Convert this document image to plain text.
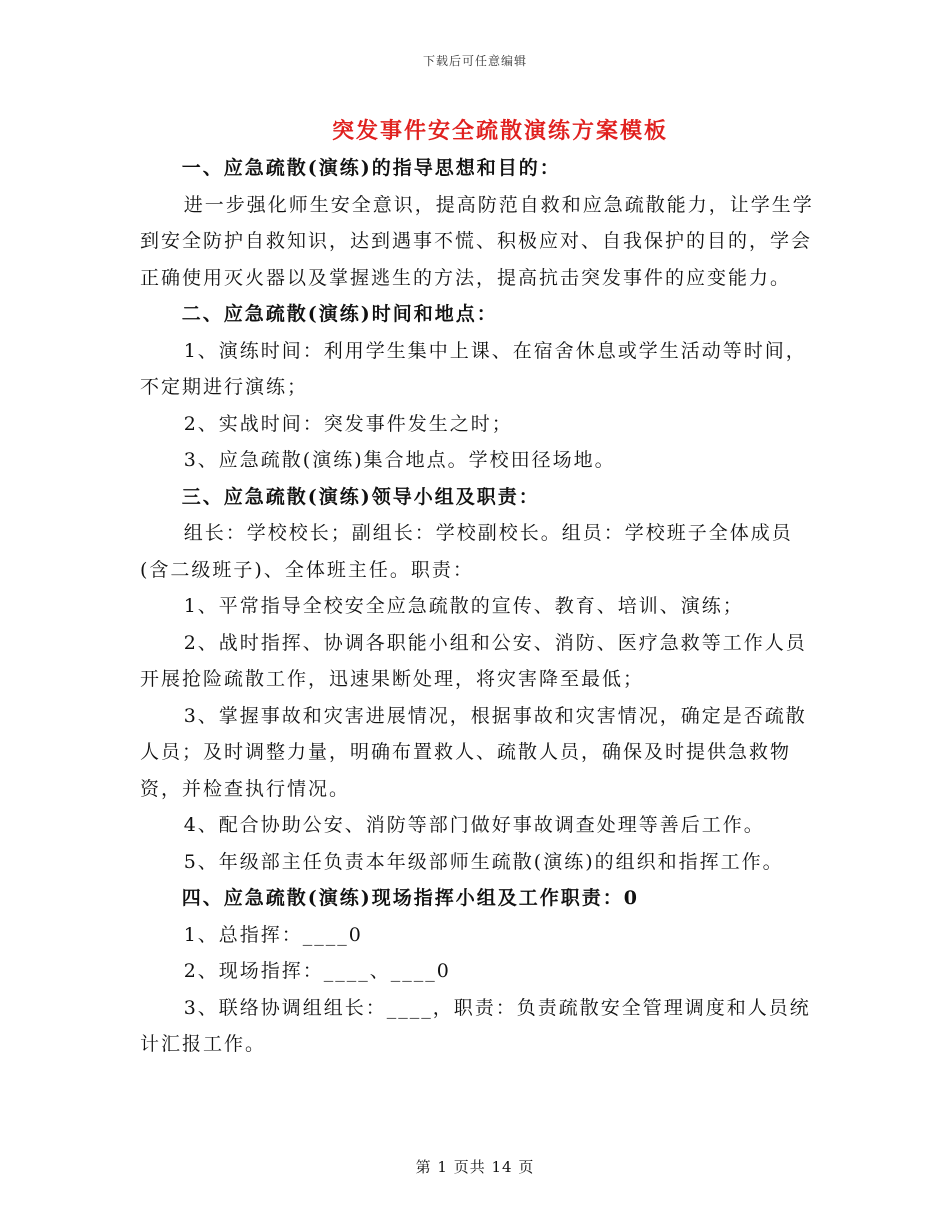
下载后可任意编辑
突发事件安全疏散演练方案模板

一、应急疏散(演练)的指导思想和目的：

进一步强化师生安全意识，提高防范自救和应急疏散能力，让学生学到安全防护自救知识，达到遇事不慌、积极应对、自我保护的目的，学会正确使用灭火器以及掌握逃生的方法，提高抗击突发事件的应变能力。

二、应急疏散(演练)时间和地点：

1、演练时间：利用学生集中上课、在宿舍休息或学生活动等时间，不定期进行演练；

2、实战时间：突发事件发生之时；

3、应急疏散(演练)集合地点。学校田径场地。

三、应急疏散(演练)领导小组及职责：

组长：学校校长；副组长：学校副校长。组员：学校班子全体成员(含二级班子)、全体班主任。职责：

1、平常指导全校安全应急疏散的宣传、教育、培训、演练；

2、战时指挥、协调各职能小组和公安、消防、医疗急救等工作人员开展抢险疏散工作，迅速果断处理，将灾害降至最低；

3、掌握事故和灾害进展情况，根据事故和灾害情况，确定是否疏散人员；及时调整力量，明确布置救人、疏散人员，确保及时提供急救物资，并检查执行情况。

4、配合协助公安、消防等部门做好事故调查处理等善后工作。

5、年级部主任负责本年级部师生疏散(演练)的组织和指挥工作。

四、应急疏散(演练)现场指挥小组及工作职责：0

1、总指挥：____0

2、现场指挥：____、____0

3、联络协调组组长：____，职责：负责疏散安全管理调度和人员统计汇报工作。

第 1 页共 14 页
